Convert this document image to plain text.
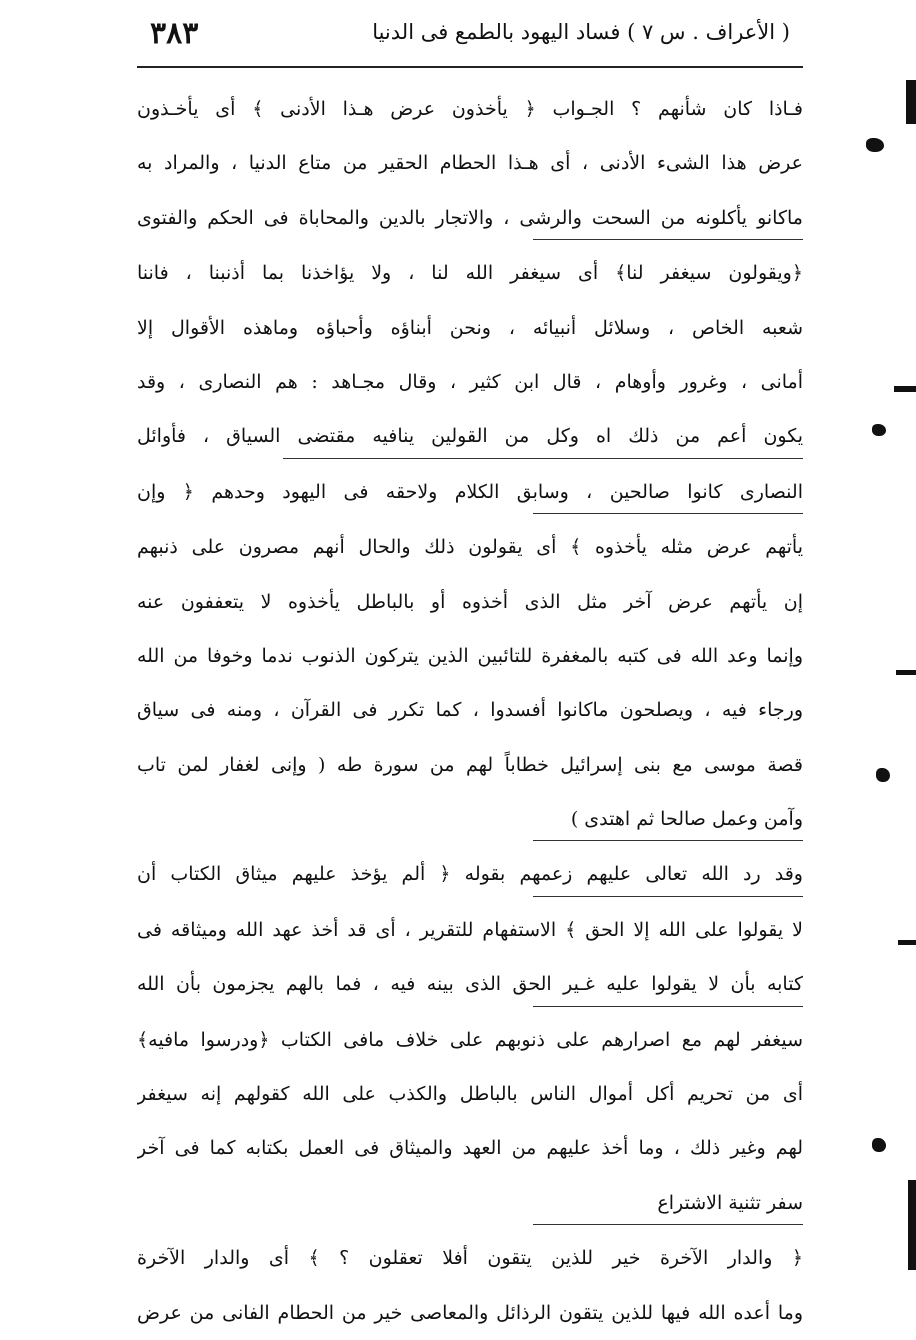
( الأعراف . س ٧ ) فساد اليهود بالطمع فى الدنيا
٣٨٣
فـاذا كان شأنهم ؟ الجـواب ﴿ يأخذون عرض هـذا الأدنى ﴾ أى يأخـذون
عرض هذا الشىء الأدنى ، أى هـذا الحطام الحقير من متاع الدنيا ، والمراد به
ماكانو يأكلونه من السحت والرشى ، والاتجار بالدين والمحاباة فى الحكم والفتوى
﴿ويقولون سيغفر لنا﴾ أى سيغفر الله لنا ، ولا يؤاخذنا بما أذنبنا ، فاننا
شعبه الخاص ، وسلائل أنبيائه ، ونحن أبناؤه وأحباؤه وماهذه الأقوال إلا
أمانى ، وغرور وأوهام ، قال ابن كثير ، وقال مجـاهد : هم النصارى ، وقد
يكون أعم من ذلك اه وكل من القولين ينافيه مقتضى السياق ، فأوائل
النصارى كانوا صالحين ، وسابق الكلام ولاحقه فى اليهود وحدهم ﴿ وإن
يأتهم عرض مثله يأخذوه ﴾ أى يقولون ذلك والحال أنهم مصرون على ذنبهم
إن يأتهم عرض آخر مثل الذى أخذوه أو بالباطل يأخذوه لا يتعففون عنه
وإنما وعد الله فى كتبه بالمغفرة للتائبين الذين يتركون الذنوب ندما وخوفا من الله
ورجاء فيه ، ويصلحون ماكانوا أفسدوا ، كما تكرر فى القرآن ، ومنه فى سياق
قصة موسى مع بنى إسرائيل خطاباً لهم من سورة طه ( وإنى لغفار لمن تاب
وآمن وعمل صالحا ثم اهتدى )
وقد رد الله تعالى عليهم زعمهم بقوله ﴿ ألم يؤخذ عليهم ميثاق الكتاب أن
لا يقولوا على الله إلا الحق ﴾ الاستفهام للتقرير ، أى قد أخذ عهد الله وميثاقه فى
كتابه بأن لا يقولوا عليه غـير الحق الذى بينه فيه ، فما بالهم يجزمون بأن الله
سيغفر لهم مع اصرارهم على ذنوبهم على خلاف مافى الكتاب ﴿ودرسوا مافيه﴾
أى من تحريم أكل أموال الناس بالباطل والكذب على الله كقولهم إنه سيغفر
لهم وغير ذلك ، وما أخذ عليهم من العهد والميثاق فى العمل بكتابه كما فى آخر
سفر تثنية الاشتراع
﴿ والدار الآخرة خير للذين يتقون أفلا تعقلون ؟ ﴾ أى والدار الآخرة
وما أعده الله فيها للذين يتقون الرذائل والمعاصى خير من الحطام الفانى من عرض
